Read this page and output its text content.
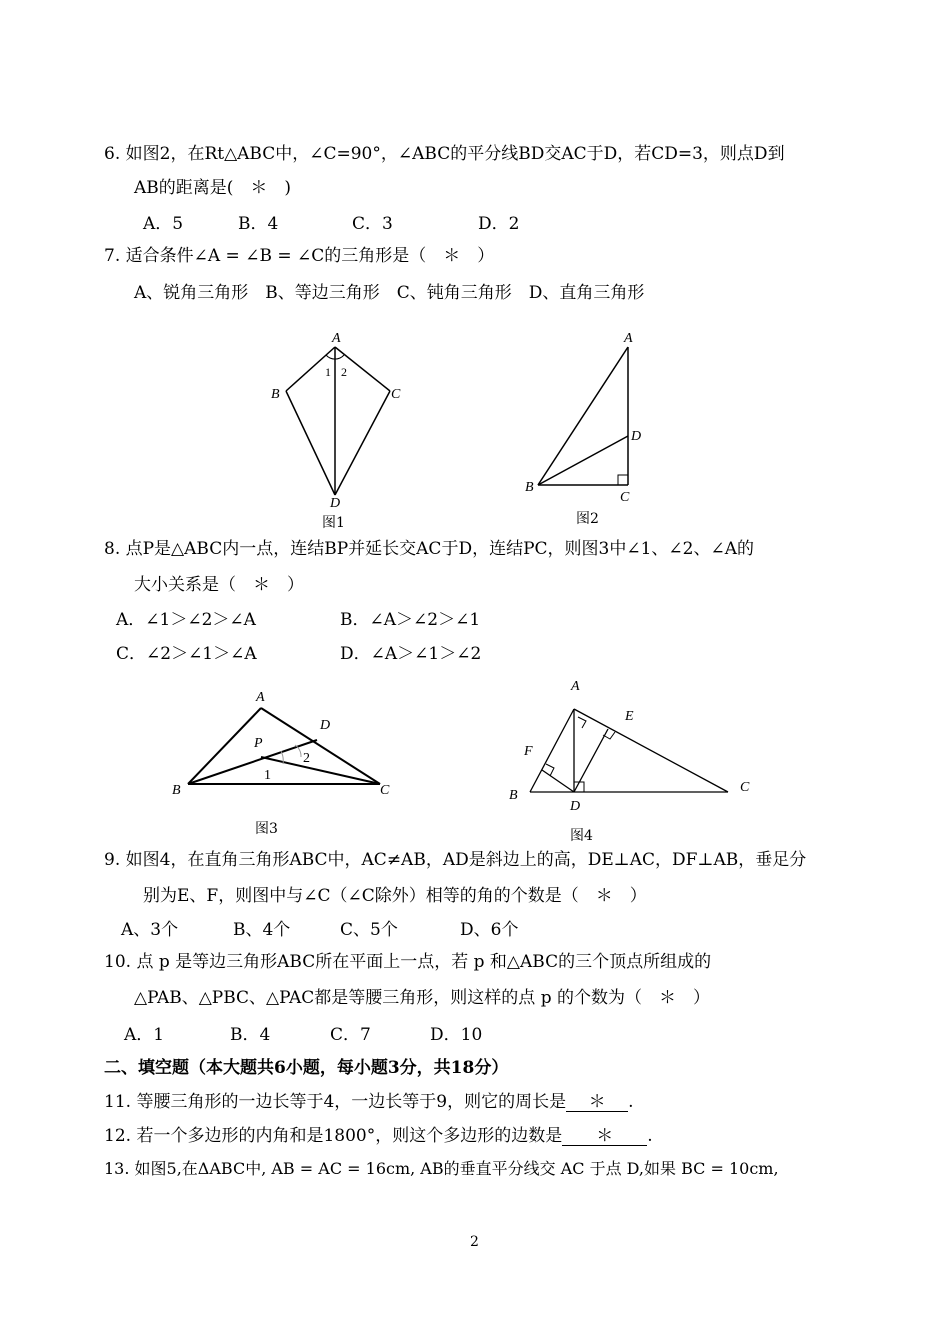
6. 如图2，在Rt△ABC中，∠C=90°，∠ABC的平分线BD交AC于D，若CD=3，则点D到
AB的距离是(　＊　)
A．5	B．4	C．3	D．2
7. 适合条件∠A = ∠B = ∠C的三角形是（　＊　）
A、锐角三角形　B、等边三角形　C、钝角三角形　D、直角三角形
A
B	C
D
1 2
图1
A
B
C
D
图2
8. 点P是△ABC内一点，连结BP并延长交AC于D，连结PC，则图3中∠1、∠2、∠A的
大小关系是（　＊　）
A．∠1＞∠2＞∠A	B．∠A＞∠2＞∠1
C．∠2＞∠1＞∠A	D．∠A＞∠1＞∠2
A
B	C
D
P
1
2
图3
A
B
C
D
E
F
图4
9. 如图4，在直角三角形ABC中，AC≠AB，AD是斜边上的高，DE⊥AC，DF⊥AB，垂足分
别为E、F，则图中与∠C（∠C除外）相等的角的个数是（　＊　）
A、3个	B、4个	C、5个	D、6个
10. 点 p 是等边三角形ABC所在平面上一点，若 p 和△ABC的三个顶点所组成的
△PAB、△PBC、△PAC都是等腰三角形，则这样的点 p 的个数为（　＊　）
A．1	B．4	C．7	D．10
二、填空题（本大题共6小题，每小题3分，共18分）
11. 等腰三角形的一边长等于4，一边长等于9，则它的周长是 ＊ .
12. 若一个多边形的内角和是1800°，则这个多边形的边数是 ＊ .
13. 如图5,在ΔABC中, AB = AC = 16cm, AB的垂直平分线交 AC 于点 D,如果 BC = 10cm,
2
